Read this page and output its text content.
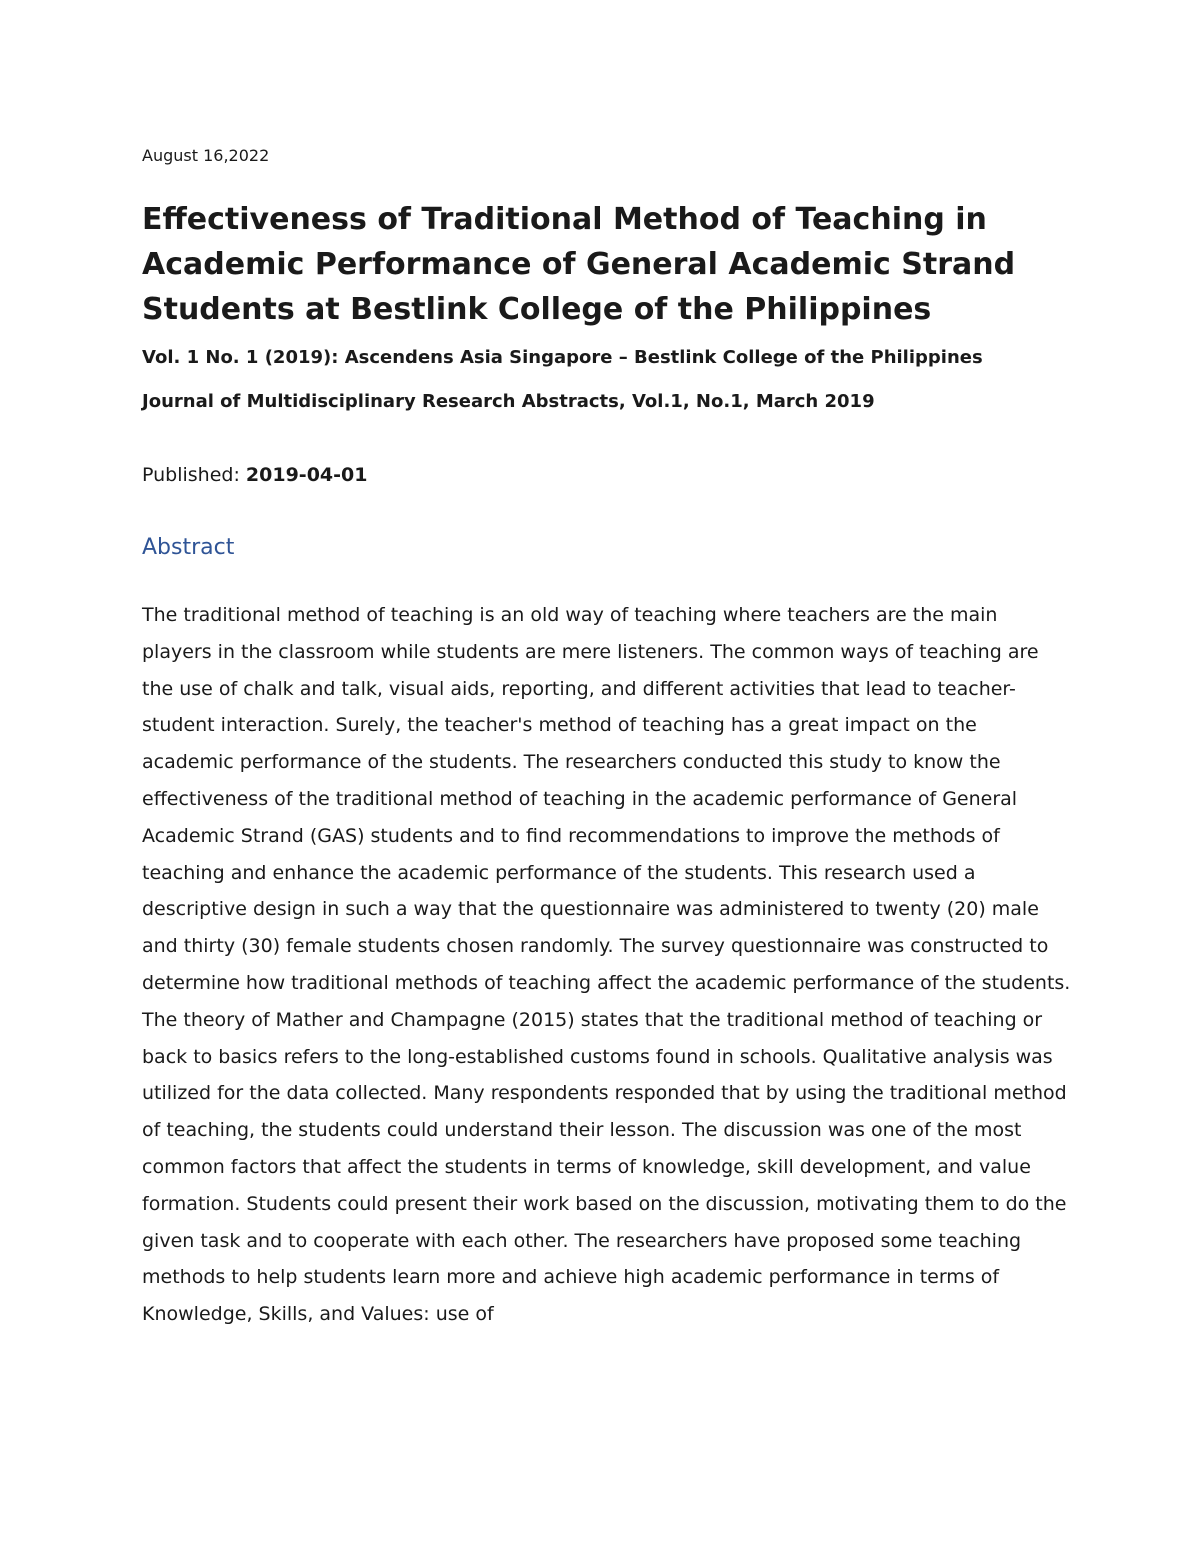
August 16,2022
Effectiveness of Traditional Method of Teaching in Academic Performance of General Academic Strand Students at Bestlink College of the Philippines

Vol. 1 No. 1 (2019): Ascendens Asia Singapore – Bestlink College of the Philippines

Journal of Multidisciplinary Research Abstracts, Vol.1, No.1, March 2019

Published: 2019-04-01
Abstract

The traditional method of teaching is an old way of teaching where teachers are the main players in the classroom while students are mere listeners. The common ways of teaching are the use of chalk and talk, visual aids, reporting, and different activities that lead to teacher-student interaction. Surely, the teacher's method of teaching has a great impact on the academic performance of the students. The researchers conducted this study to know the effectiveness of the traditional method of teaching in the academic performance of General Academic Strand (GAS) students and to find recommendations to improve the methods of teaching and enhance the academic performance of the students. This research used a descriptive design in such a way that the questionnaire was administered to twenty (20) male and thirty (30) female students chosen randomly. The survey questionnaire was constructed to determine how traditional methods of teaching affect the academic performance of the students. The theory of Mather and Champagne (2015) states that the traditional method of teaching or back to basics refers to the long-established customs found in schools. Qualitative analysis was utilized for the data collected. Many respondents responded that by using the traditional method of teaching, the students could understand their lesson. The discussion was one of the most common factors that affect the students in terms of knowledge, skill development, and value formation. Students could present their work based on the discussion, motivating them to do the given task and to cooperate with each other. The researchers have proposed some teaching methods to help students learn more and achieve high academic performance in terms of Knowledge, Skills, and Values: use of
